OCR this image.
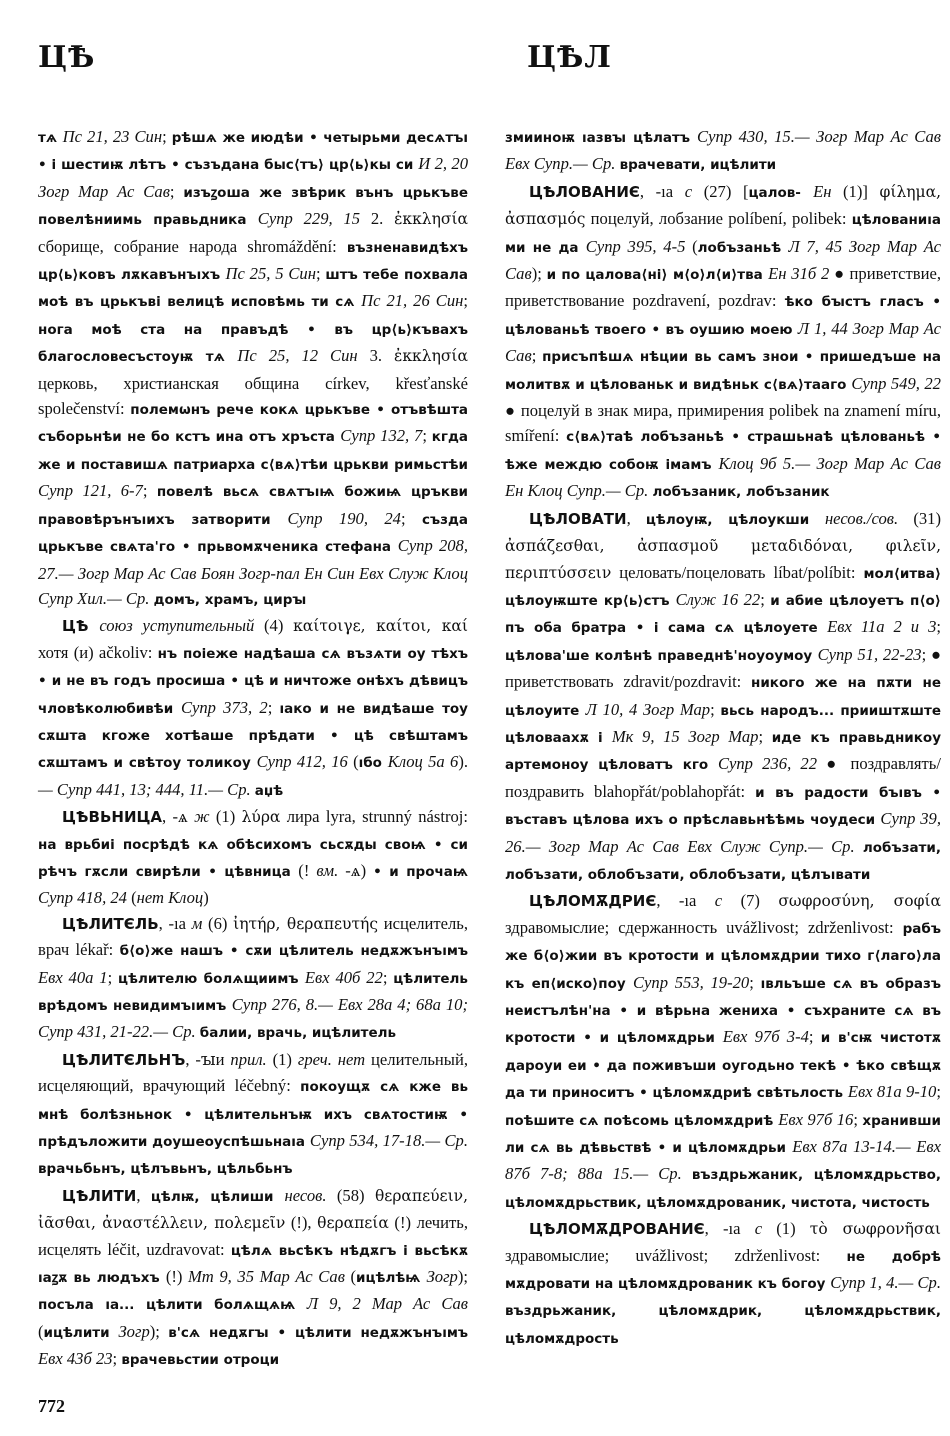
ЦѢ	ЦѢЛ

тѧ Пс 21, 23 Син; рѣшѧ же июдѣи • четырьми десѧтъı • і шестиѭ лѣтъ • съзъдана быс⟨тъ⟩ цр⟨ь⟩кы си И 2, 20 Зогр Мар Ас Сав; изъꙁоша же звѣрик вънъ црькъве повелѣниимь правьдника Супр 229, 15 2. ἐκκλησία сборище, собрание народа shromáždění: възненавидѣхъ цр⟨ь⟩ковъ лѫкавънъıхъ Пс 25, 5 Син; штъ тебе похвала моѣ въ црькъві велицѣ исповѣмь ти сѧ Пс 21, 26 Син; нога моѣ ста на правъдѣ • въ цр⟨ь⟩къвахъ благословесъстоуѭ тѧ Пс 25, 12 Син 3. ἐκκλησία церковь, христианская община církev, křesťanské společenství: полемωнъ рече кокѧ црькъве • отъвѣшта съборьнѣи не бо кстъ ина отъ хръста Супр 132, 7; кгда же и поставишѧ патриарха с⟨вѧ⟩тѣи црькви римьстѣи Супр 121, 6-7; повелѣ вьсѧ свѧтъıѩ божиѩ цръкви правовѣрънъıихъ затворити Супр 190, 24; създа црькъве свѧта'го • прьвомѫченика стефана Супр 208, 27.— Зогр Мар Ас Сав Боян Зогр-пал Ен Син Евх Служ Клоц Супр Хил.— Ср. домъ, храмъ, цирꙑ

ЦѢ союз уступительный (4) καίτοιγε, καίτοι, καί хотя (и) ačkoliv: нъ поіеже надѣаша сѧ възѧти оу тѣхъ • и не въ годъ просиша • цѣ и ничтоже онѣхъ дѣвицъ чловѣколюбивѣи Супр 373, 2; ıако и не видѣаше тоу сѫшта кгоже хотѣаше прѣдати • цѣ свѣштамъ сѫштамъ и свѣтоу толикоу Супр 412, 16 (ıбо Клоц 5а 6).— Супр 441, 13; 444, 11.— Ср. аџѣ

ЦѢВЬНИЦА, -ѧ ж (1) λύρα лира lyra, strunný nástroj: на врьбиі посрѣдѣ кѧ обѣсихомъ сьсѫды своѩ • си рѣчъ гѫсли свирѣли • цѣвница (! вм. -ѧ) • и прочаѩ Супр 418, 24 (нет Клоц)

ЦѢЛИТЄЛЬ, -ıа м (6) ἰητήρ, θεραπευτής исцелитель, врач lékař: б⟨о⟩же нашъ • сѫи цѣлитель недѫжънъıмъ Евх 40а 1; цѣлителю болѧщиимъ Евх 40б 22; цѣлитель врѣдомъ невидимъıимъ Супр 276, 8.— Евх 28а 4; 68а 10; Супр 431, 21-22.— Ср. балии, врачь, ицѣлитель

ЦѢЛИТЄЛЬНЪ, -ꙑи прил. (1) греч. нет целительный, исцеляющий, врачующий léčebný: покоущѫ сѧ кже вь мнѣ болѣзньнок • цѣлительнъѭ ихъ свѧтостиѭ • прѣдъложити доушеоуспѣшьнаıа Супр 534, 17-18.— Ср. врачьбьнъ, цѣлъвьнъ, цѣльбьнъ

ЦѢЛИТИ, цѣлѭ, цѣлиши несов. (58) θεραπεύειν, ἰᾶσθαι, ἀναστέλλειν, πολεμεῖν (!), θεραπεία (!) лечить, исцелять léčit, uzdravovat: цѣлѧ вьсѣкъ нѣдѫгъ і вьсѣкѫ ıаꙁѫ вь людъхъ (!) Мт 9, 35 Мар Ас Сав (ицѣлѣѩ Зогр); посъла ıа... цѣлити болѧщѧѩ Л 9, 2 Мар Ас Сав (ицѣлити Зогр); в'сѧ недѫгꙑ • цѣлити недѫжънъıмъ Евх 43б 23; врачевьстии отроци

змииноѭ ıазвꙑ цѣлатъ Супр 430, 15.— Зогр Мар Ас Сав Евх Супр.— Ср. врачевати, ицѣлити

ЦѢЛОВАНИЄ, -ıа с (27) [цалов- Ен (1)] φίλημα, ἀσπασμός поцелуй, лобзание políbení, polibek: цѣлованиıа ми не да Супр 395, 4-5 (лобъзаньѣ Л 7, 45 Зогр Мар Ас Сав); и по цалова⟨ні⟩ м⟨о⟩л⟨и⟩тва Ен 31б 2 ● приветствие, приветствование pozdravení, pozdrav: ѣко бꙑстъ гласъ • цѣлованьѣ твоего • въ оушию моею Л 1, 44 Зогр Мар Ас Сав; присъпѣшѧ нѣции вь самъ знои • пришедъше на молитвѫ и цѣлованьк и видѣньк с⟨вѧ⟩тааго Супр 549, 22 ● поцелуй в знак мира, примирения polibek na znamení míru, smíření: с⟨вѧ⟩таѣ лобъзаньѣ • страшьнаѣ цѣлованьѣ • ѣже междю собоѭ імамъ Клоц 9б 5.— Зогр Мар Ас Сав Ен Клоц Супр.— Ср. лобъзаник, лобъзаник

ЦѢЛОВАТИ, цѣлоуѭ, цѣлоукши несов./сов. (31) ἀσπάζεσθαι, ἀσπασμοῦ μεταδιδόναι, φιλεῖν, περιπτύσσειν целовать/поцеловать líbat/políbit: мол⟨итва⟩ цѣлоуѭште кр⟨ь⟩стъ Служ 16 22; и абие цѣлоуетъ п⟨о⟩пъ оба братра • і сама сѧ цѣлоуете Евх 11а 2 и 3; цѣлова'ше колѣнѣ праведнѣ'ноуоумоу Супр 51, 22-23; ● приветствовать zdravit/pozdravit: никого же на пѫти не цѣлоуите Л 10, 4 Зогр Мар; вьсь народъ... прииштѫште цѣловаахѫ і Мк 9, 15 Зогр Мар; иде къ правьдникоу артемоноу цѣловатъ кго Супр 236, 22 ● поздравлять/поздравить blahopřát/poblahopřát: и въ радости бъıвъ • въставъ цѣлова ихъ о прѣславьнѣѣмь чоудеси Супр 39, 26.— Зогр Мар Ас Сав Евх Служ Супр.— Ср. лобъзати, лобъзати, облобъзати, облобъзати, цѣлъıвати

ЦѢЛОМѪДРИЄ, -ıа с (7) σωφροσύνη, σοφία здравомыслие; сдержанность uvážlivost; zdrženlivost: рабъ же б⟨о⟩жии въ кротости и цѣломѫдрии тихо г⟨лаго⟩ла къ еп⟨иско⟩поу Супр 553, 19-20; ıвльъше сѧ въ образъ неистълѣн'на • и вѣрьна женихa • съхраните сѧ въ кротости • и цѣломѫдрьи Евх 97б 3-4; и в'сѭ чистотѫ дароуи еи • да поживъши оугодьно текѣ • ѣко свѣщѫ да ти приноситъ • цѣломѫдриѣ свѣтьлость Евх 81а 9-10; поѣшите сѧ поѣсомь цѣломѫдриѣ Евх 97б 16; хранивши ли сѧ вь дѣвьствѣ • и цѣломѫдрьи Евх 87а 13-14.— Евх 87б 7-8; 88а 15.— Ср. въздрьжаник, цѣломѫдрьство, цѣломѫдрьствик, цѣломѫдрованик, чистота, чистость

ЦѢЛОМѪДРОВАНИЄ, -ıа с (1) τὸ σωφρονῆσαι здравомыслие; uvážlivost; zdrženlivost: не добрѣ мѫдровати на цѣломѫдрованик къ богоу Супр 1, 4.— Ср. въздрьжаник, цѣломѫдрик, цѣломѫдрьствик, цѣломѫдрость

772
